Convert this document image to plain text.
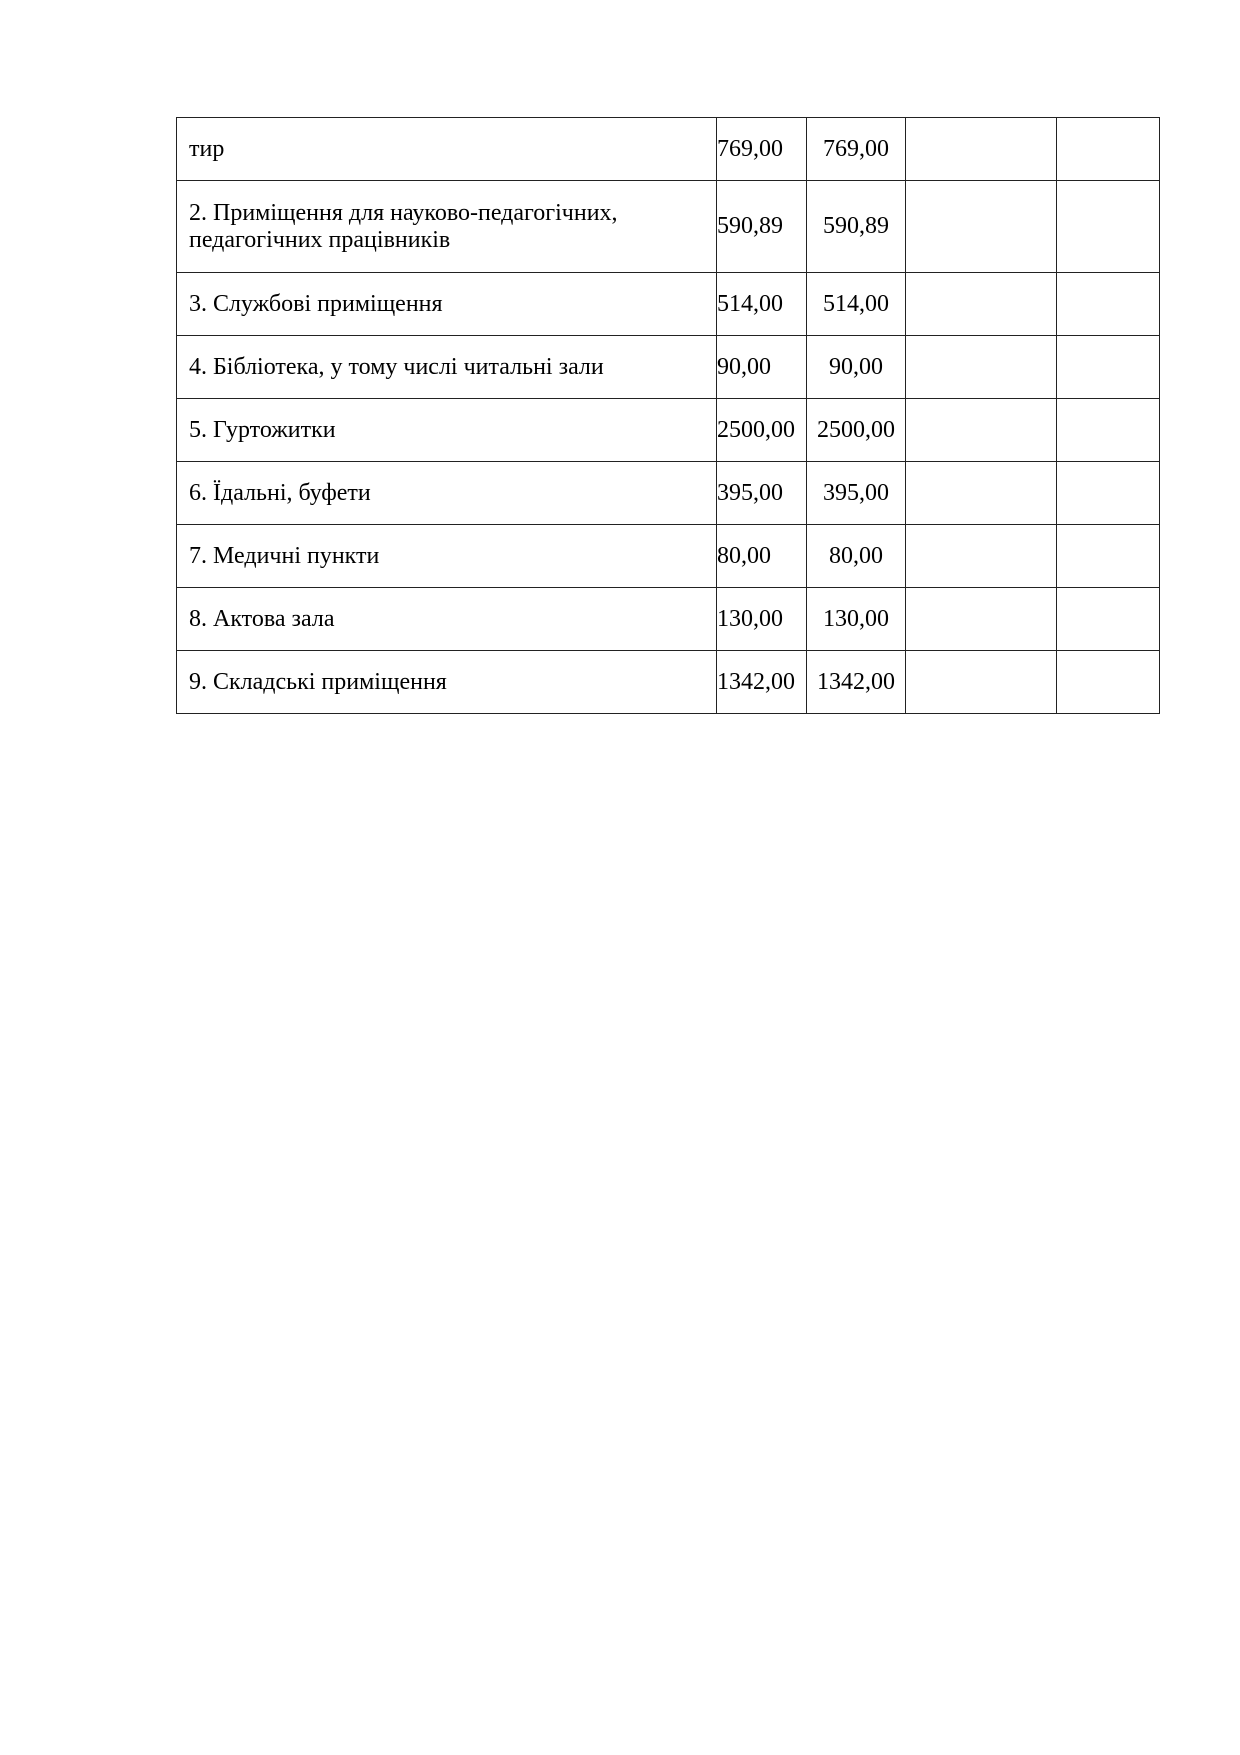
тир	769,00	769,00		

2. Приміщення для науково-педагогічних, педагогічних працівників	590,89	590,89		

3. Службові приміщення	514,00	514,00		

4. Бібліотека, у тому числі читальні зали	90,00	90,00		

5. Гуртожитки	2500,00	2500,00		

6. Їдальні, буфети	395,00	395,00		

7. Медичні пункти	80,00	80,00		

8. Актова зала	130,00	130,00		

9. Складські приміщення	1342,00	1342,00		
